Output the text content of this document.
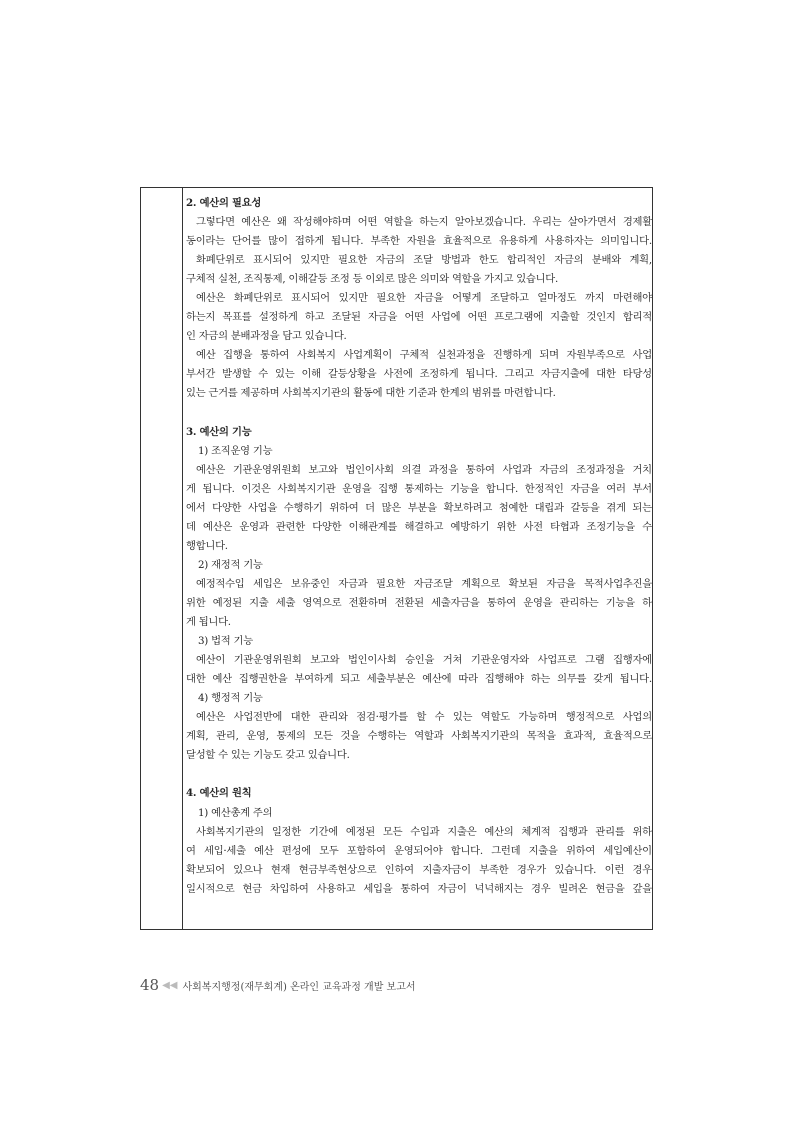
2. 예산의 필요성
그렇다면 예산은 왜 작성해야하며 어떤 역할을 하는지 알아보겠습니다. 우리는 살아가면서 경제활
동이라는 단어를 많이 접하게 됩니다. 부족한 자원을 효율적으로 유용하게 사용하자는 의미입니다.
화폐단위로 표시되어 있지만 필요한 자금의 조달 방법과 한도 합리적인 자금의 분배와 계획,
구체적 실천, 조직통제, 이해갈등 조정 등 이외로 많은 의미와 역할을 가지고 있습니다.
예산은 화폐단위로 표시되어 있지만 필요한 자금을 어떻게 조달하고 얼마정도 까지 마련해야
하는지 목표를 설정하게 하고 조달된 자금을 어떤 사업에 어떤 프로그램에 지출할 것인지 합리적
인 자금의 분배과정을 담고 있습니다.
예산 집행을 통하여 사회복지 사업계획이 구체적 실천과정을 진행하게 되며 자원부족으로 사업
부서간 발생할 수 있는 이해 갈등상황을 사전에 조정하게 됩니다. 그리고 자금지출에 대한 타당성
있는 근거를 제공하며 사회복지기관의 활동에 대한 기준과 한계의 범위를 마련합니다.
3. 예산의 기능
1) 조직운영 기능
예산은 기관운영위원회 보고와 법인이사회 의결 과정을 통하여 사업과 자금의 조정과정을 거치
게 됩니다. 이것은 사회복지기관 운영을 집행 통제하는 기능을 합니다. 한정적인 자금을 여러 부서
에서 다양한 사업을 수행하기 위하여 더 많은 부분을 확보하려고 첨예한 대립과 갈등을 겪게 되는
데 예산은 운영과 관련한 다양한 이해관계를 해결하고 예방하기 위한 사전 타협과 조정기능을 수
행합니다.
2) 재정적 기능
예정적수입 세입은 보유중인 자금과 필요한 자금조달 계획으로 확보된 자금을 목적사업추진을
위한 예정된 지출 세출 영역으로 전환하며 전환된 세출자금을 통하여 운영을 관리하는 기능을 하
게 됩니다.
3) 법적 기능
예산이 기관운영위원회 보고와 법인이사회 승인을 거쳐 기관운영자와 사업프로 그램 집행자에
대한 예산 집행권한을 부여하게 되고 세출부분은 예산에 따라 집행해야 하는 의무를 갖게 됩니다.
4) 행정적 기능
예산은 사업전반에 대한 관리와 점검·평가를 할 수 있는 역할도 가능하며 행정적으로 사업의
계획, 관리, 운영, 통제의 모든 것을 수행하는 역할과 사회복지기관의 목적을 효과적, 효율적으로
달성할 수 있는 기능도 갖고 있습니다.
4. 예산의 원칙
1) 예산총계 주의
사회복지기관의 일정한 기간에 예정된 모든 수입과 지출은 예산의 체계적 집행과 관리를 위하
여 세입·세출 예산 편성에 모두 포함하여 운영되어야 합니다. 그런데 지출을 위하여 세입예산이
확보되어 있으나 현재 현금부족현상으로 인하여 지출자금이 부족한 경우가 있습니다. 이런 경우
일시적으로 현금 차입하여 사용하고 세입을 통하여 자금이 넉넉해지는 경우 빌려온 현금을 갚을
48 ◀◀ 사회복지행정(재무회계) 온라인 교육과정 개발 보고서
